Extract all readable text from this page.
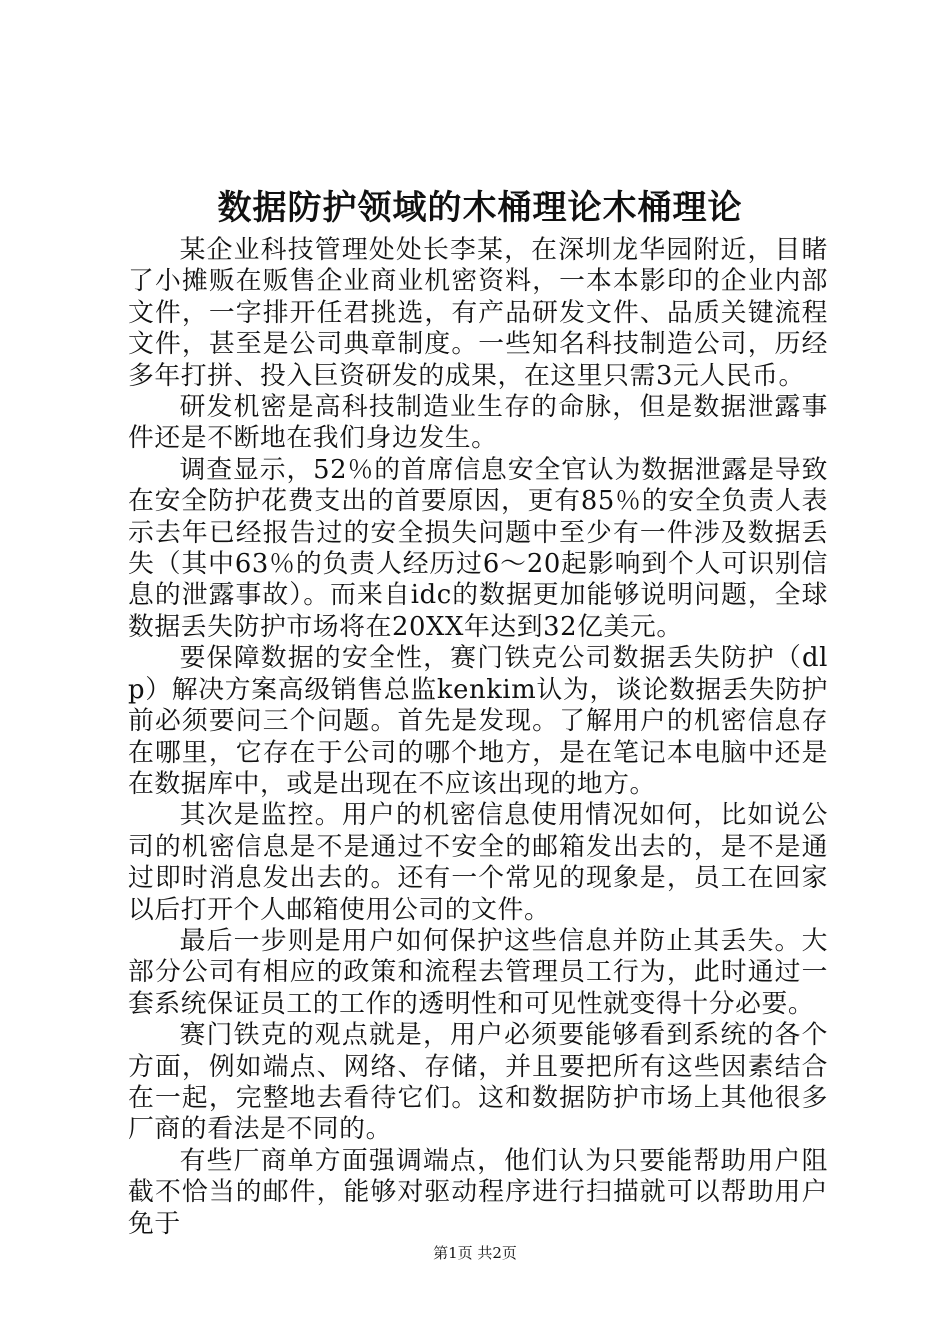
数据防护领域的木桶理论木桶理论

某企业科技管理处处长李某，在深圳龙华园附近，目睹了小摊贩在贩售企业商业机密资料，一本本影印的企业内部文件，一字排开任君挑选，有产品研发文件、品质关键流程文件，甚至是公司典章制度。一些知名科技制造公司，历经多年打拼、投入巨资研发的成果，在这里只需3元人民币。

研发机密是高科技制造业生存的命脉，但是数据泄露事件还是不断地在我们身边发生。

调查显示，52％的首席信息安全官认为数据泄露是导致在安全防护花费支出的首要原因，更有85％的安全负责人表示去年已经报告过的安全损失问题中至少有一件涉及数据丢失（其中63％的负责人经历过6～20起影响到个人可识别信息的泄露事故）。而来自idc的数据更加能够说明问题，全球数据丢失防护市场将在20XX年达到32亿美元。

要保障数据的安全性，赛门铁克公司数据丢失防护（dlp）解决方案高级销售总监kenkim认为，谈论数据丢失防护前必须要问三个问题。首先是发现。了解用户的机密信息存在哪里，它存在于公司的哪个地方，是在笔记本电脑中还是在数据库中，或是出现在不应该出现的地方。

其次是监控。用户的机密信息使用情况如何，比如说公司的机密信息是不是通过不安全的邮箱发出去的，是不是通过即时消息发出去的。还有一个常见的现象是，员工在回家以后打开个人邮箱使用公司的文件。

最后一步则是用户如何保护这些信息并防止其丢失。大部分公司有相应的政策和流程去管理员工行为，此时通过一套系统保证员工的工作的透明性和可见性就变得十分必要。

赛门铁克的观点就是，用户必须要能够看到系统的各个方面，例如端点、网络、存储，并且要把所有这些因素结合在一起，完整地去看待它们。这和数据防护市场上其他很多厂商的看法是不同的。

有些厂商单方面强调端点，他们认为只要能帮助用户阻截不恰当的邮件，能够对驱动程序进行扫描就可以帮助用户免于

第1页 共2页
